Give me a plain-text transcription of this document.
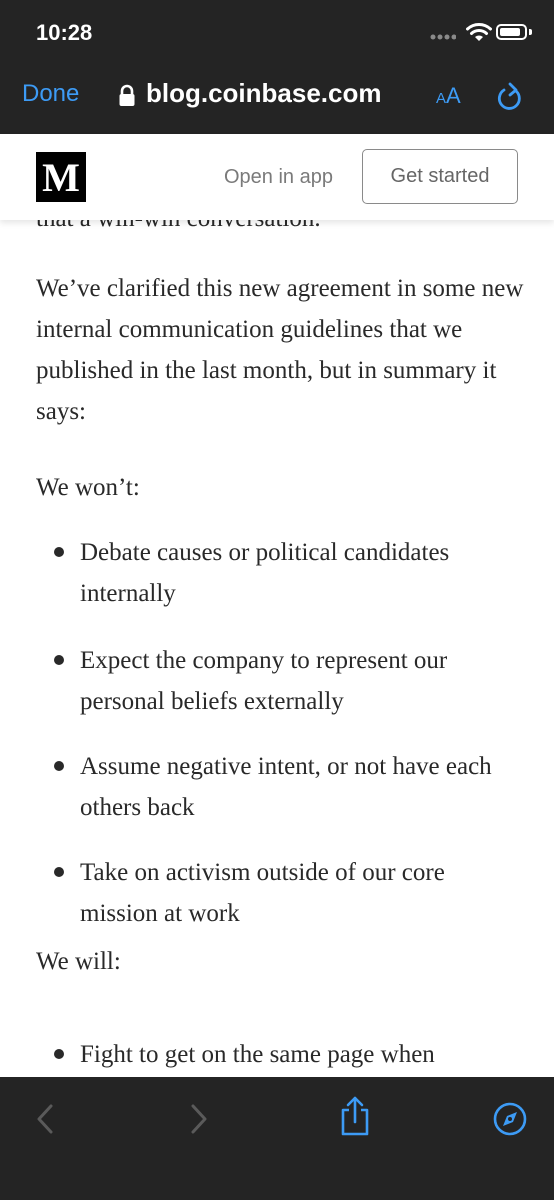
We’ve clarified this new agreement in some new internal communication guidelines that we published in the last month, but in summary it says:

We won’t:
Debate causes or political candidates internally
Expect the company to represent our personal beliefs externally
Assume negative intent, or not have each others back
Take on activism outside of our core mission at work
We will:
Fight to get on the same page when
10:28
Done	blog.coinbase.com	AA
M	Open in app	Get started
